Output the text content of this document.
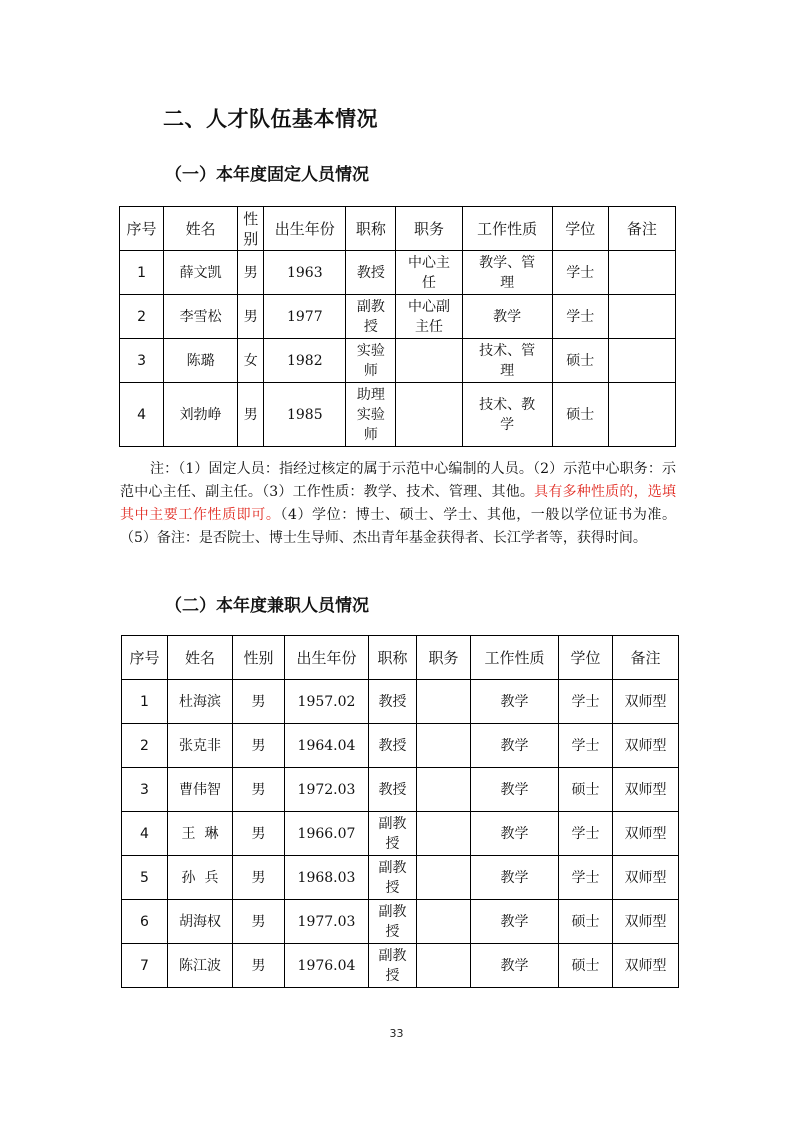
二、人才队伍基本情况
（一）本年度固定人员情况
序号	姓名	性别	出生年份	职称	职务	工作性质	学位	备注
1	薛文凯	男	1963	教授	中心主任	教学、管理	学士	
2	李雪松	男	1977	副教授	中心副主任	教学	学士	
3	陈璐	女	1982	实验师		技术、管理	硕士	
4	刘勃峥	男	1985	助理实验师		技术、教学	硕士	

注：（1）固定人员：指经过核定的属于示范中心编制的人员。（2）示范中心职务：示范中心主任、副主任。（3）工作性质：教学、技术、管理、其他。具有多种性质的，选填其中主要工作性质即可。（4）学位：博士、硕士、学士、其他，一般以学位证书为准。（5）备注：是否院士、博士生导师、杰出青年基金获得者、长江学者等，获得时间。

（二）本年度兼职人员情况
序号	姓名	性别	出生年份	职称	职务	工作性质	学位	备注
1	杜海滨	男	1957.02	教授		教学	学士	双师型
2	张克非	男	1964.04	教授		教学	学士	双师型
3	曹伟智	男	1972.03	教授		教学	硕士	双师型
4	王  琳	男	1966.07	副教授		教学	学士	双师型
5	孙  兵	男	1968.03	副教授		教学	学士	双师型
6	胡海权	男	1977.03	副教授		教学	硕士	双师型
7	陈江波	男	1976.04	副教授		教学	硕士	双师型
33
